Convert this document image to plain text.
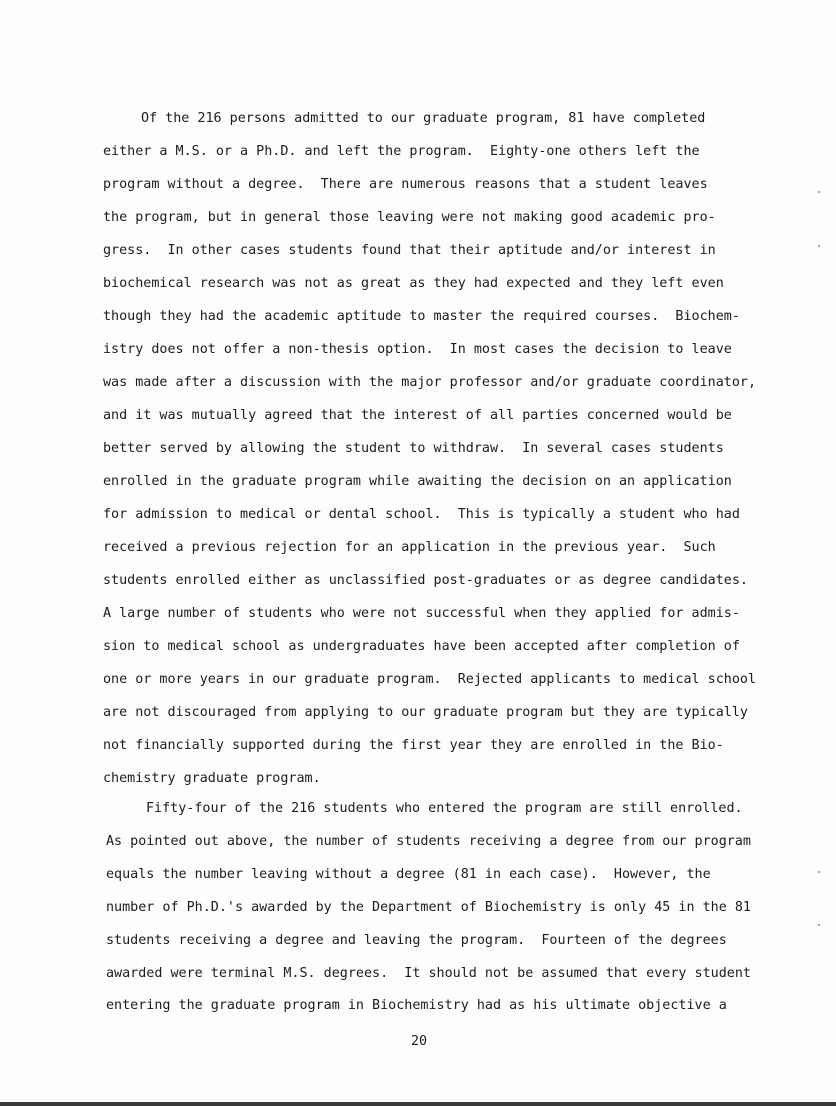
Of the 216 persons admitted to our graduate program, 81 have completed
either a M.S. or a Ph.D. and left the program.  Eighty-one others left the
program without a degree.  There are numerous reasons that a student leaves
the program, but in general those leaving were not making good academic pro-
gress.  In other cases students found that their aptitude and/or interest in
biochemical research was not as great as they had expected and they left even
though they had the academic aptitude to master the required courses.  Biochem-
istry does not offer a non-thesis option.  In most cases the decision to leave
was made after a discussion with the major professor and/or graduate coordinator,
and it was mutually agreed that the interest of all parties concerned would be
better served by allowing the student to withdraw.  In several cases students
enrolled in the graduate program while awaiting the decision on an application
for admission to medical or dental school.  This is typically a student who had
received a previous rejection for an application in the previous year.  Such
students enrolled either as unclassified post-graduates or as degree candidates.
A large number of students who were not successful when they applied for admis-
sion to medical school as undergraduates have been accepted after completion of
one or more years in our graduate program.  Rejected applicants to medical school
are not discouraged from applying to our graduate program but they are typically
not financially supported during the first year they are enrolled in the Bio-
chemistry graduate program.
Fifty-four of the 216 students who entered the program are still enrolled.
As pointed out above, the number of students receiving a degree from our program
equals the number leaving without a degree (81 in each case).  However, the
number of Ph.D.'s awarded by the Department of Biochemistry is only 45 in the 81
students receiving a degree and leaving the program.  Fourteen of the degrees
awarded were terminal M.S. degrees.  It should not be assumed that every student
entering the graduate program in Biochemistry had as his ultimate objective a
20
